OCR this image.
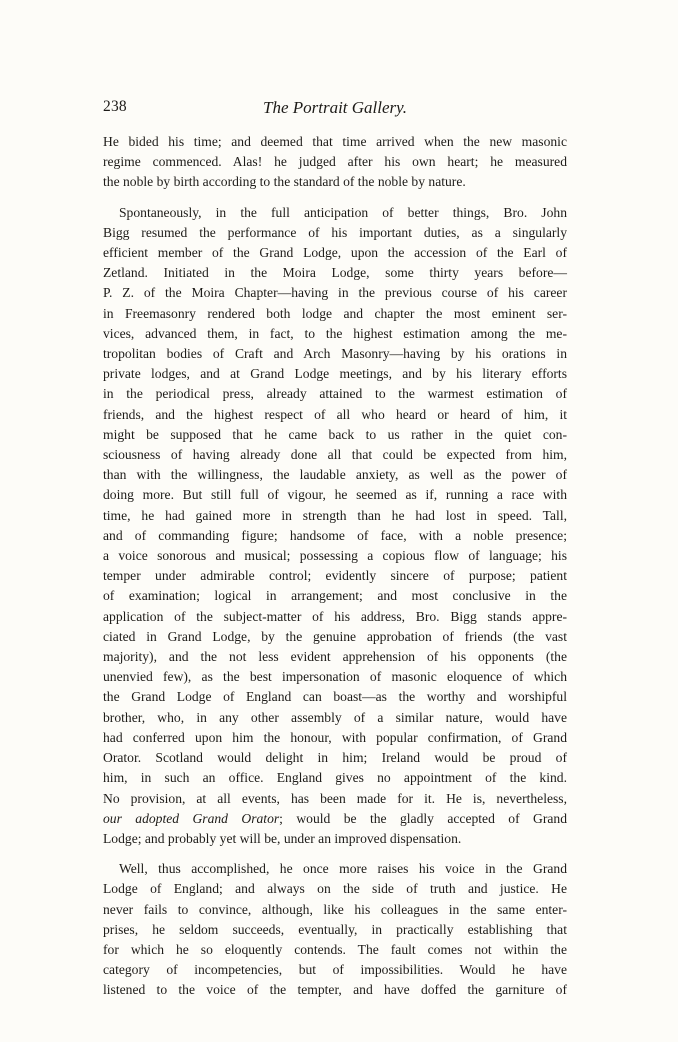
238	The Portrait Gallery.
He bided his time; and deemed that time arrived when the new masonic
regime commenced. Alas! he judged after his own heart; he measured
the noble by birth according to the standard of the noble by nature.
Spontaneously, in the full anticipation of better things, Bro. John
Bigg resumed the performance of his important duties, as a singularly
efficient member of the Grand Lodge, upon the accession of the Earl of
Zetland. Initiated in the Moira Lodge, some thirty years before—
P. Z. of the Moira Chapter—having in the previous course of his career
in Freemasonry rendered both lodge and chapter the most eminent ser-
vices, advanced them, in fact, to the highest estimation among the me-
tropolitan bodies of Craft and Arch Masonry—having by his orations in
private lodges, and at Grand Lodge meetings, and by his literary efforts
in the periodical press, already attained to the warmest estimation of
friends, and the highest respect of all who heard or heard of him, it
might be supposed that he came back to us rather in the quiet con-
sciousness of having already done all that could be expected from him,
than with the willingness, the laudable anxiety, as well as the power of
doing more. But still full of vigour, he seemed as if, running a race with
time, he had gained more in strength than he had lost in speed. Tall,
and of commanding figure; handsome of face, with a noble presence;
a voice sonorous and musical; possessing a copious flow of language; his
temper under admirable control; evidently sincere of purpose; patient
of examination; logical in arrangement; and most conclusive in the
application of the subject-matter of his address, Bro. Bigg stands appre-
ciated in Grand Lodge, by the genuine approbation of friends (the vast
majority), and the not less evident apprehension of his opponents (the
unenvied few), as the best impersonation of masonic eloquence of which
the Grand Lodge of England can boast—as the worthy and worshipful
brother, who, in any other assembly of a similar nature, would have
had conferred upon him the honour, with popular confirmation, of Grand
Orator. Scotland would delight in him; Ireland would be proud of
him, in such an office. England gives no appointment of the kind.
No provision, at all events, has been made for it. He is, nevertheless,
our adopted Grand Orator; would be the gladly accepted of Grand
Lodge; and probably yet will be, under an improved dispensation.
Well, thus accomplished, he once more raises his voice in the Grand
Lodge of England; and always on the side of truth and justice. He
never fails to convince, although, like his colleagues in the same enter-
prises, he seldom succeeds, eventually, in practically establishing that
for which he so eloquently contends. The fault comes not within the
category of incompetencies, but of impossibilities. Would he have
listened to the voice of the tempter, and have doffed the garniture of
